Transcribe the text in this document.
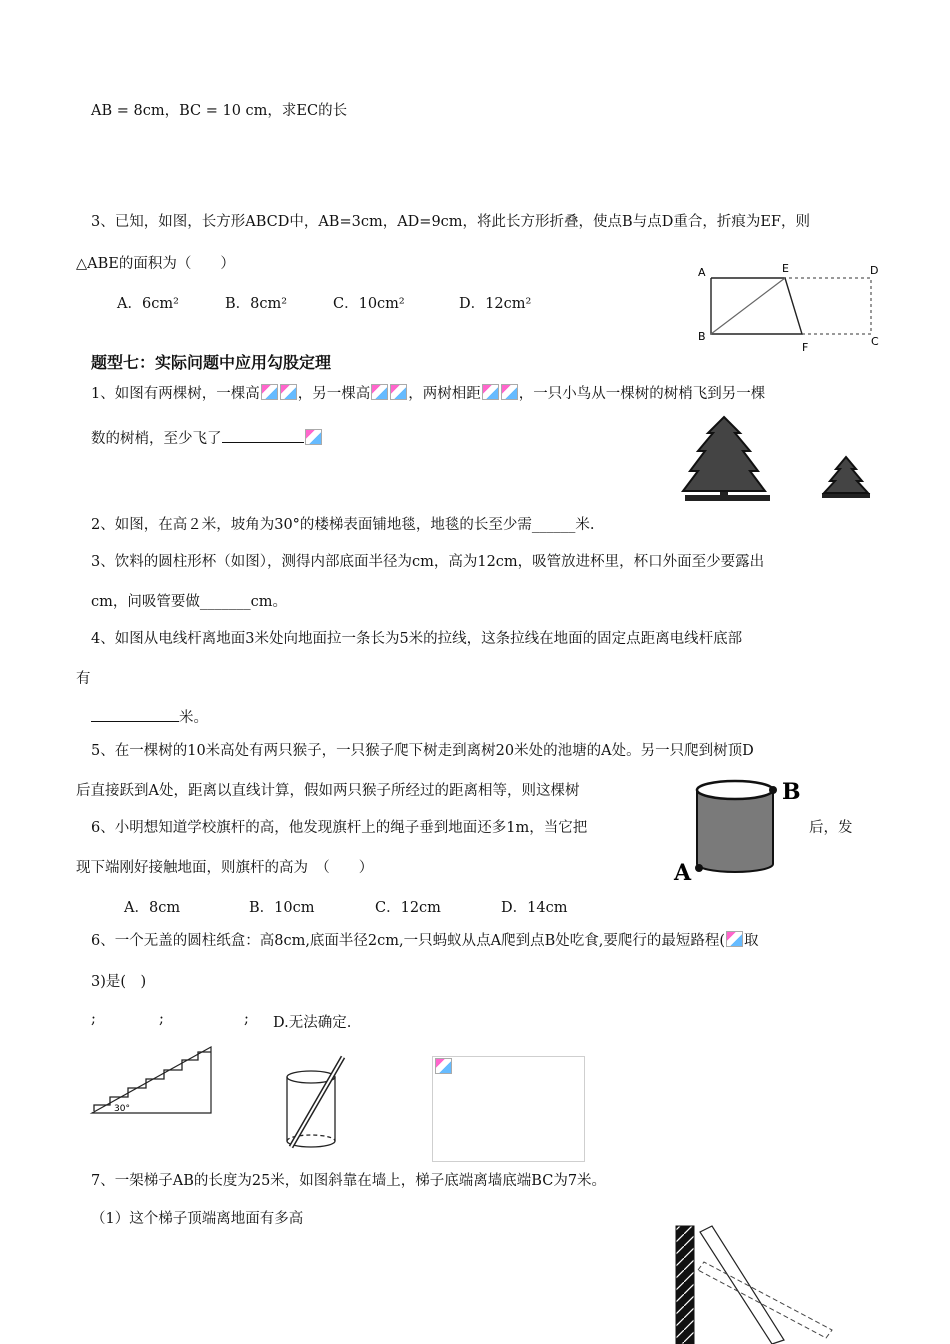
AB = 8cm，BC = 10 cm，求EC的长
3、已知，如图，长方形ABCD中，AB=3cm，AD=9cm，将此长方形折叠，使点B与点D重合，折痕为EF，则
△ABE的面积为（　　）
A．6cm²	B．8cm²	C．10cm²	D．12cm²
A	E	D
B
F	C
题型七：实际问题中应用勾股定理
1、如图有两棵树，一棵高	，另一棵高	，两树相距	，一只小鸟从一棵树的树梢飞到另一棵
数的树梢，至少飞了
2、如图，在高２米，坡角为30°的楼梯表面铺地毯，地毯的长至少需______米.
3、饮料的圆柱形杯（如图），测得内部底面半径为cm，高为12cm，吸管放进杯里，杯口外面至少要露出
cm，问吸管要做_______cm。
4、如图从电线杆离地面3米处向地面拉一条长为5米的拉线，这条拉线在地面的固定点距离电线杆底部
有
米。
5、在一棵树的10米高处有两只猴子，一只猴子爬下树走到离树20米处的池塘的A处。另一只爬到树顶D
后直接跃到A处，距离以直线计算，假如两只猴子所经过的距离相等，则这棵树	B
A
6、小明想知道学校旗杆的高，他发现旗杆上的绳子垂到地面还多1m，当它把	后，发
现下端刚好接触地面，则旗杆的高为　（　　）
A．8cm	B．10cm	C．12cm	D．14cm
6、一个无盖的圆柱纸盒：高8cm,底面半径2cm,一只蚂蚁从点A爬到点B处吃食,要爬行的最短路程( 取
3)是(　)
;	;	; D.无法确定.
30°
7、一架梯子AB的长度为25米，如图斜靠在墙上，梯子底端离墙底端BC为7米。
（1）这个梯子顶端离地面有多高
